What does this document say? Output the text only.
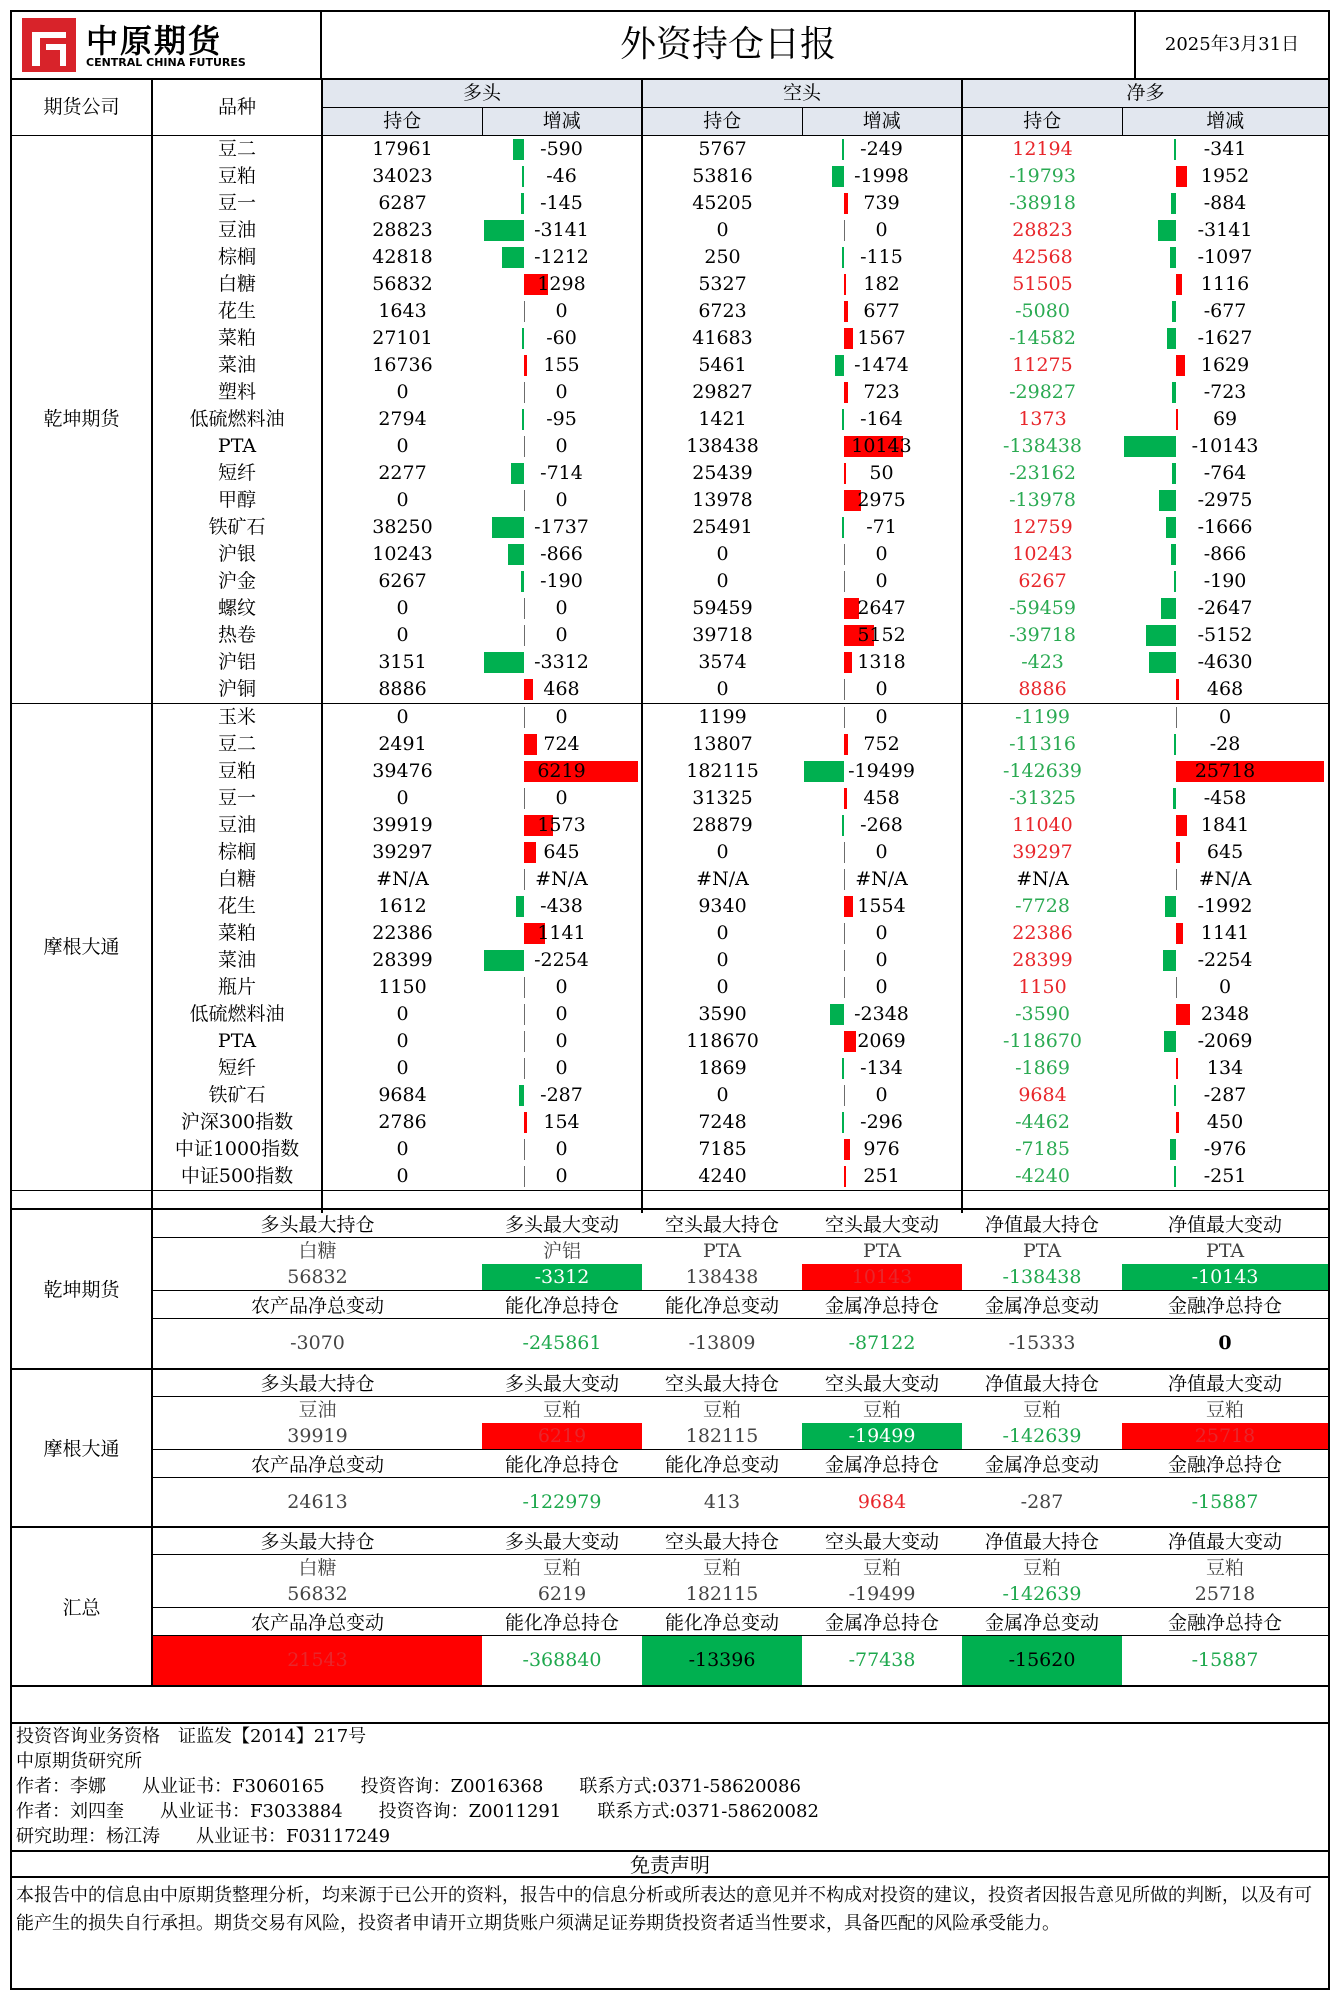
中原期货
CENTRAL CHINA FUTURES	外资持仓日报	2025年3月31日
期货公司	品种	多头		空头		净多	
		持仓	增减	持仓	增减	持仓	增减
乾坤期货	豆二	17961	-590	5767	-249	12194	-341
	豆粕	34023	-46	53816	-1998	-19793	1952
	豆一	6287	-145	45205	739	-38918	-884
	豆油	28823	-3141	0	0	28823	-3141
	棕榈	42818	-1212	250	-115	42568	-1097
	白糖	56832	1298	5327	182	51505	1116
	花生	1643	0	6723	677	-5080	-677
	菜粕	27101	-60	41683	1567	-14582	-1627
	菜油	16736	155	5461	-1474	11275	1629
	塑料	0	0	29827	723	-29827	-723
	低硫燃料油	2794	-95	1421	-164	1373	69
	PTA	0	0	138438	10143	-138438	-10143
	短纤	2277	-714	25439	50	-23162	-764
	甲醇	0	0	13978	2975	-13978	-2975
	铁矿石	38250	-1737	25491	-71	12759	-1666
	沪银	10243	-866	0	0	10243	-866
	沪金	6267	-190	0	0	6267	-190
	螺纹	0	0	59459	2647	-59459	-2647
	热卷	0	0	39718	5152	-39718	-5152
	沪铝	3151	-3312	3574	1318	-423	-4630
	沪铜	8886	468	0	0	8886	468
摩根大通	玉米	0	0	1199	0	-1199	0
	豆二	2491	724	13807	752	-11316	-28
	豆粕	39476	6219	182115	-19499	-142639	25718
	豆一	0	0	31325	458	-31325	-458
	豆油	39919	1573	28879	-268	11040	1841
	棕榈	39297	645	0	0	39297	645
	白糖	#N/A	#N/A	#N/A	#N/A	#N/A	#N/A
	花生	1612	-438	9340	1554	-7728	-1992
	菜粕	22386	1141	0	0	22386	1141
	菜油	28399	-2254	0	0	28399	-2254
	瓶片	1150	0	0	0	1150	0
	低硫燃料油	0	0	3590	-2348	-3590	2348
	PTA	0	0	118670	2069	-118670	-2069
	短纤	0	0	1869	-134	-1869	134
	铁矿石	9684	-287	0	0	9684	-287
	沪深300指数	2786	154	7248	-296	-4462	450
	中证1000指数	0	0	7185	976	-7185	-976
	中证500指数	0	0	4240	251	-4240	-251

乾坤期货	多头最大持仓	多头最大变动	空头最大持仓	空头最大变动	净值最大持仓	净值最大变动	
	白糖	沪铝	PTA	PTA	PTA	PTA	
	56832	-3312	138438	10143	-138438	-10143	
	农产品净总变动	能化净总持仓	能化净总变动	金属净总持仓	金属净总变动	金融净总持仓	
	-3070	-245861	-13809	-87122	-15333	0	

摩根大通	多头最大持仓	多头最大变动	空头最大持仓	空头最大变动	净值最大持仓	净值最大变动	
	豆油	豆粕	豆粕	豆粕	豆粕	豆粕	
	39919	6219	182115	-19499	-142639	25718	
	农产品净总变动	能化净总持仓	能化净总变动	金属净总持仓	金属净总变动	金融净总持仓	
	24613	-122979	413	9684	-287	-15887	

汇总	多头最大持仓	多头最大变动	空头最大持仓	空头最大变动	净值最大持仓	净值最大变动	
	白糖	豆粕	豆粕	豆粕	豆粕	豆粕	
	56832	6219	182115	-19499	-142639	25718	
	农产品净总变动	能化净总持仓	能化净总变动	金属净总持仓	金属净总变动	金融净总持仓	
	21543	-368840	-13396	-77438	-15620	-15887	

投资咨询业务资格　证监发【2014】217号

中原期货研究所

作者：李娜　　从业证书：F3060165　　投资咨询：Z0016368　　联系方式:0371-58620086

作者：刘四奎　　从业证书：F3033884　　投资咨询：Z0011291　　联系方式:0371-58620082

研究助理：杨江涛　　从业证书：F03117249

免责声明
本报告中的信息由中原期货整理分析，均来源于已公开的资料，报告中的信息分析或所表达的意见并不构成对投资的建议，投资者因报告意见所做的判断，以及有可能产生的损失自行承担。期货交易有风险，投资者申请开立期货账户须满足证券期货投资者适当性要求，具备匹配的风险承受能力。
